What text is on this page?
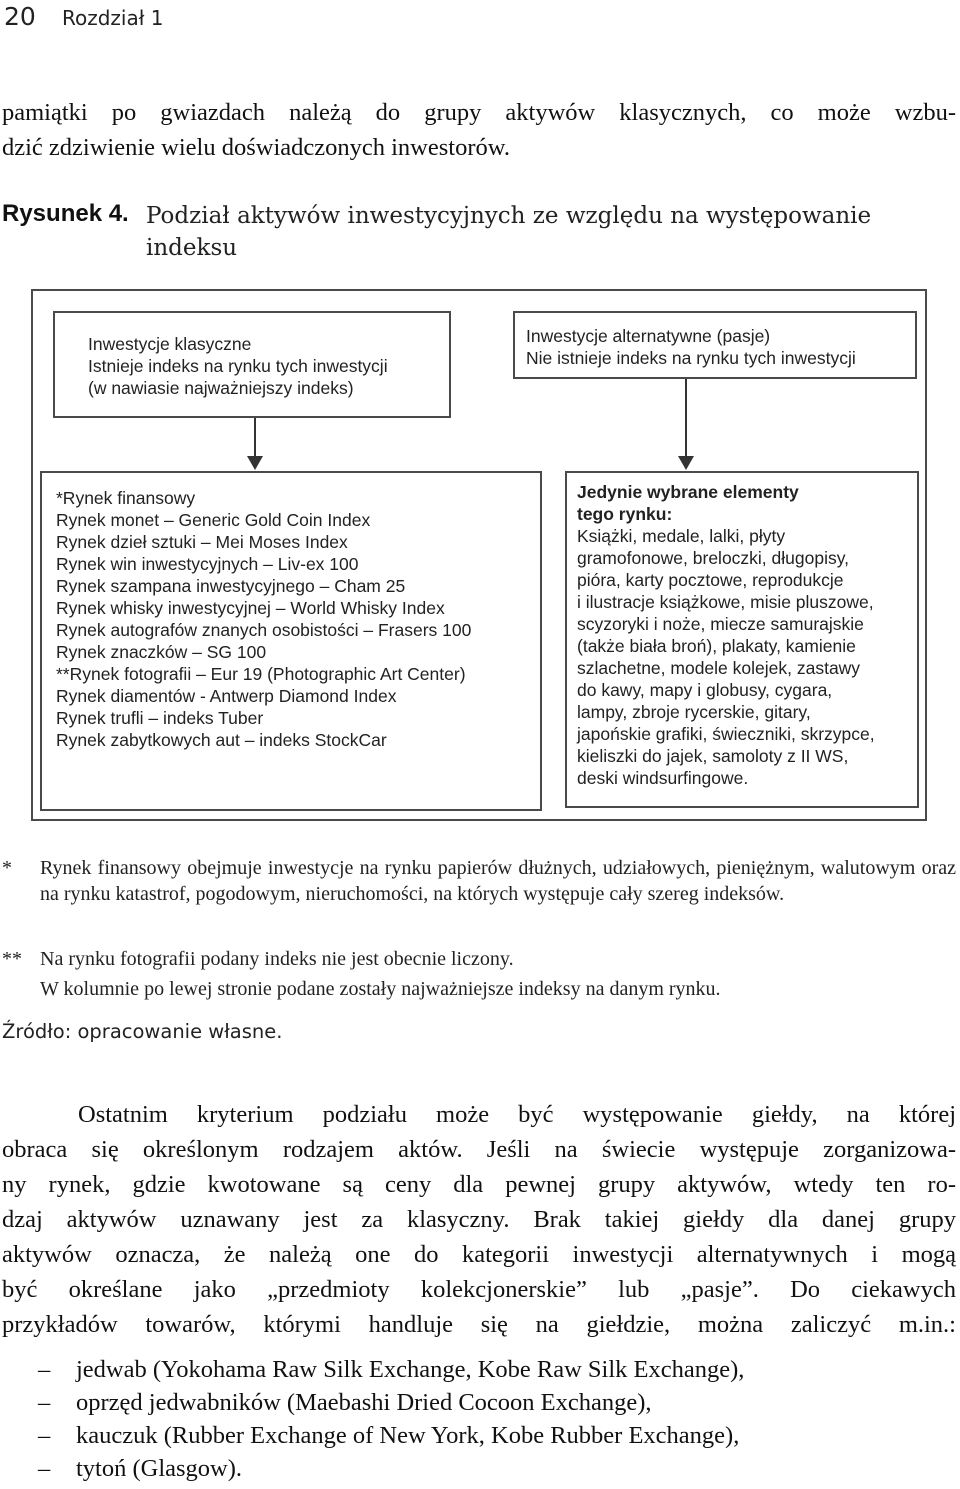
20 Rozdział 1
pamiątki po gwiazdach należą do grupy aktywów klasycznych, co może wzbu-
dzić zdziwienie wielu doświadczonych inwestorów.
Rysunek 4. Podział aktywów inwestycyjnych ze względu na występowanie
indeksu
Inwestycje klasyczne
Istnieje indeks na rynku tych inwestycji
(w nawiasie najważniejszy indeks)
Inwestycje alternatywne (pasje)
Nie istnieje indeks na rynku tych inwestycji
*Rynek finansowy
Rynek monet – Generic Gold Coin Index
Rynek dzieł sztuki – Mei Moses Index
Rynek win inwestycyjnych – Liv-ex 100
Rynek szampana inwestycyjnego – Cham 25
Rynek whisky inwestycyjnej – World Whisky Index
Rynek autografów znanych osobistości – Frasers 100
Rynek znaczków – SG 100
**Rynek fotografii – Eur 19 (Photographic Art Center)
Rynek diamentów - Antwerp Diamond Index
Rynek trufli – indeks Tuber
Rynek zabytkowych aut – indeks StockCar
Jedynie wybrane elementy
tego rynku:
Książki, medale, lalki, płyty
gramofonowe, breloczki, długopisy,
pióra, karty pocztowe, reprodukcje
i ilustracje książkowe, misie pluszowe,
scyzoryki i noże, miecze samurajskie
(także biała broń), plakaty, kamienie
szlachetne, modele kolejek, zastawy
do kawy, mapy i globusy, cygara,
lampy, zbroje rycerskie, gitary,
japońskie grafiki, świeczniki, skrzypce,
kieliszki do jajek, samoloty z II WS,
deski windsurfingowe.
* Rynek finansowy obejmuje inwestycje na rynku papierów dłużnych, udziałowych, pieniężnym, walutowym oraz na rynku katastrof, pogodowym, nieruchomości, na których występuje cały szereg indeksów.
** Na rynku fotografii podany indeks nie jest obecnie liczony.
W kolumnie po lewej stronie podane zostały najważniejsze indeksy na danym rynku.
Źródło: opracowanie własne.
Ostatnim kryterium podziału może być występowanie giełdy, na której
obraca się określonym rodzajem aktów. Jeśli na świecie występuje zorganizowa-
ny rynek, gdzie kwotowane są ceny dla pewnej grupy aktywów, wtedy ten ro-
dzaj aktywów uznawany jest za klasyczny. Brak takiej giełdy dla danej grupy
aktywów oznacza, że należą one do kategorii inwestycji alternatywnych i mogą
być określane jako „przedmioty kolekcjonerskie” lub „pasje”. Do ciekawych
przykładów towarów, którymi handluje się na giełdzie, można zaliczyć m.in.:
– jedwab (Yokohama Raw Silk Exchange, Kobe Raw Silk Exchange),
– oprzęd jedwabników (Maebashi Dried Cocoon Exchange),
– kauczuk (Rubber Exchange of New York, Kobe Rubber Exchange),
– tytoń (Glasgow).
